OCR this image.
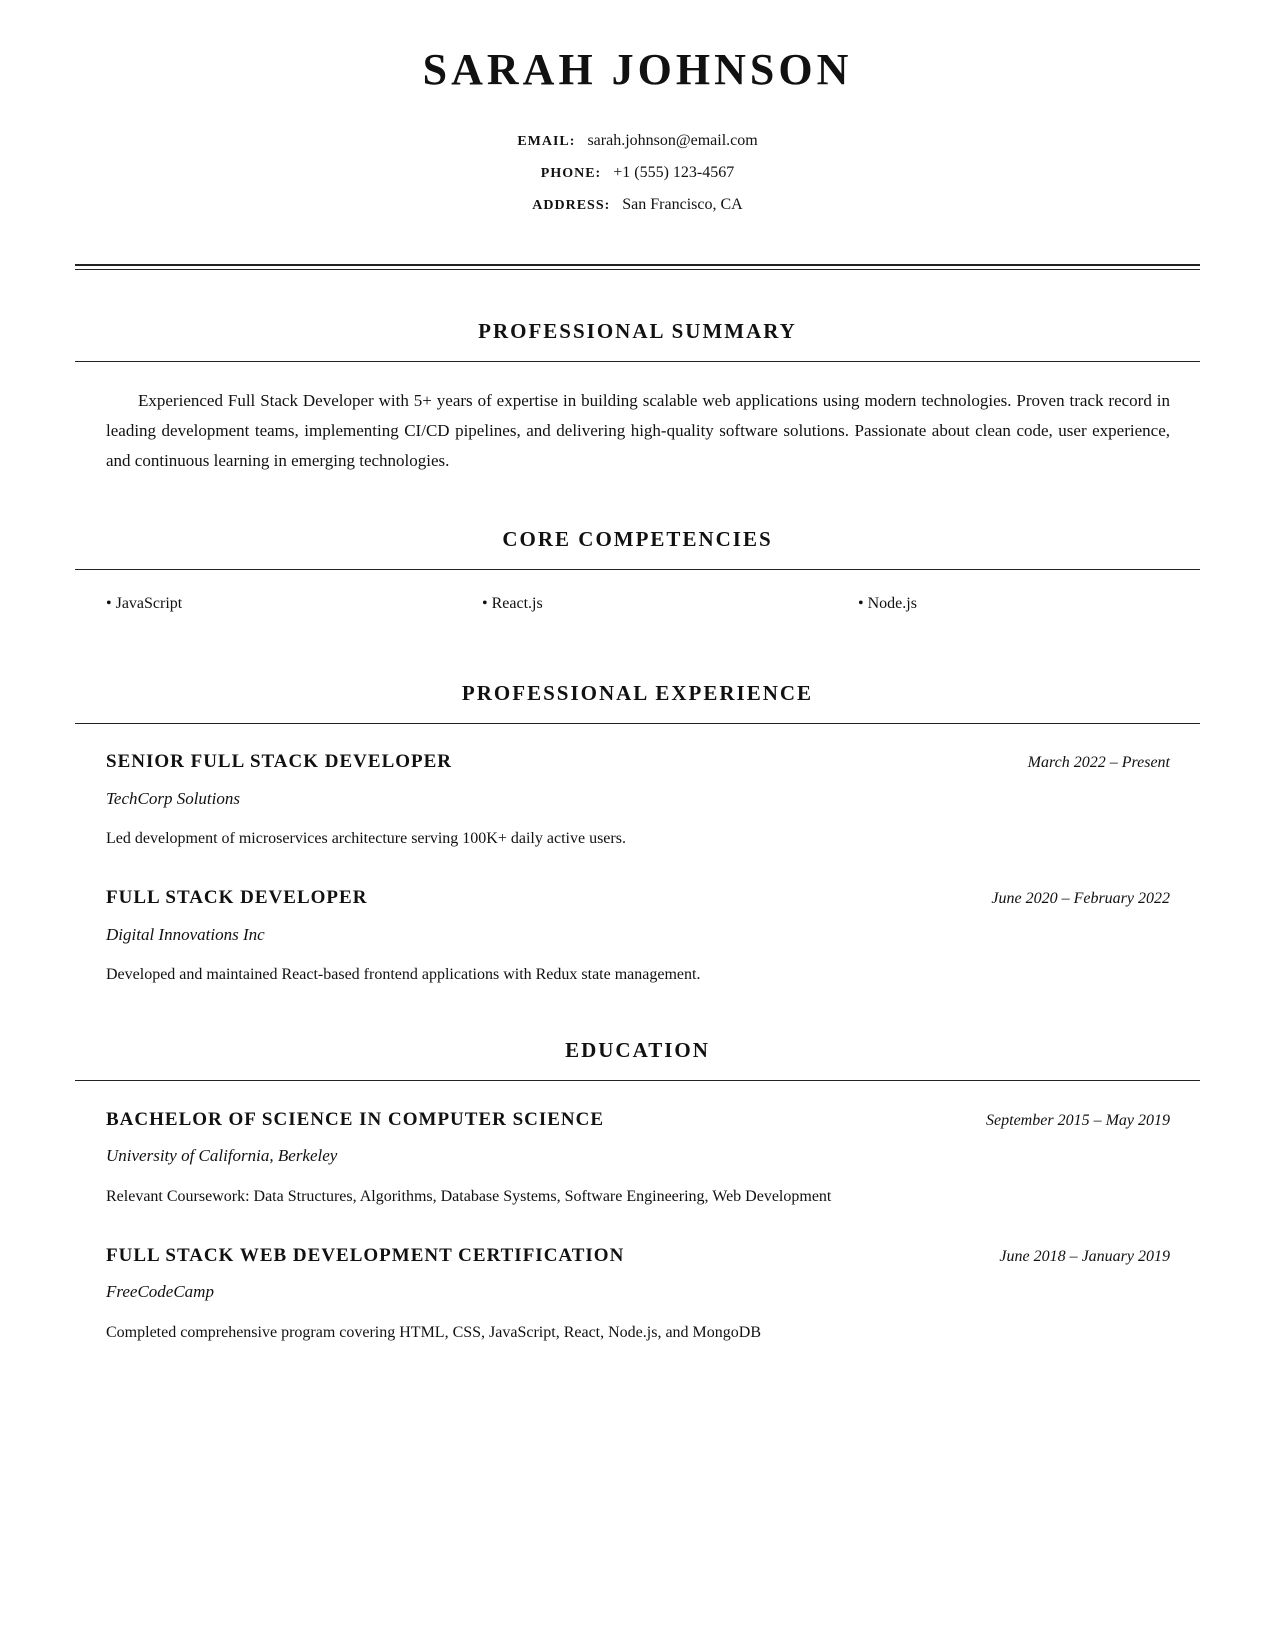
SARAH JOHNSON
EMAIL: sarah.johnson@email.com
PHONE: +1 (555) 123-4567
ADDRESS: San Francisco, CA
PROFESSIONAL SUMMARY
Experienced Full Stack Developer with 5+ years of expertise in building scalable web applications using modern technologies. Proven track record in leading development teams, implementing CI/CD pipelines, and delivering high-quality software solutions. Passionate about clean code, user experience, and continuous learning in emerging technologies.
CORE COMPETENCIES
• JavaScript	• React.js	• Node.js
PROFESSIONAL EXPERIENCE
SENIOR FULL STACK DEVELOPER	March 2022 – Present
TechCorp Solutions
Led development of microservices architecture serving 100K+ daily active users.
FULL STACK DEVELOPER	June 2020 – February 2022
Digital Innovations Inc
Developed and maintained React-based frontend applications with Redux state management.
EDUCATION
BACHELOR OF SCIENCE IN COMPUTER SCIENCE	September 2015 – May 2019
University of California, Berkeley
Relevant Coursework: Data Structures, Algorithms, Database Systems, Software Engineering, Web Development
FULL STACK WEB DEVELOPMENT CERTIFICATION	June 2018 – January 2019
FreeCodeCamp
Completed comprehensive program covering HTML, CSS, JavaScript, React, Node.js, and MongoDB
